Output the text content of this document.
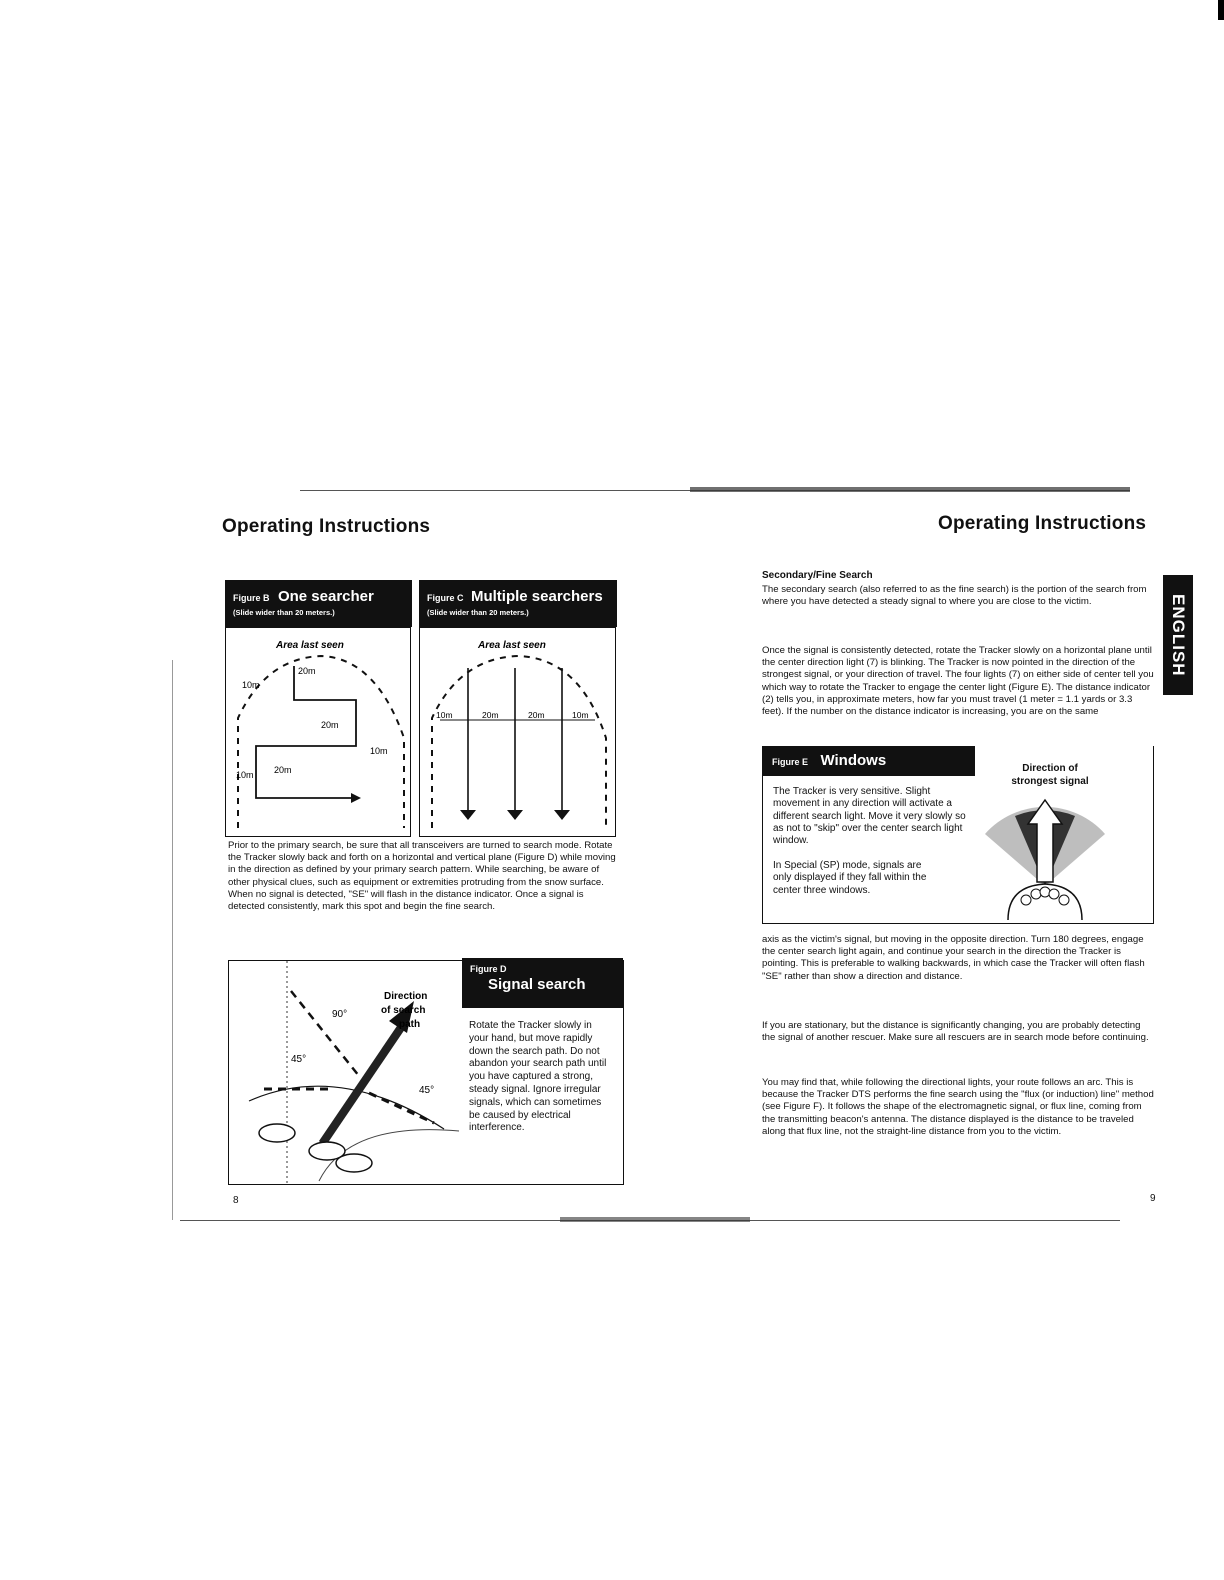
Operating Instructions	Operating Instructions
ENGLISH
Figure B One searcher
(Slide wider than 20 meters.)
Area last seen
20m
10m
20m
10m
10m 20m
Figure C Multiple searchers
(Slide wider than 20 meters.)
Area last seen
10m	20m	20m	10m
Prior to the primary search, be sure that all transceivers are turned to search mode. Rotate the Tracker slowly back and forth on a horizontal and vertical plane (Figure D) while moving in the direction as defined by your primary search pattern. While searching, be aware of other physical clues, such as equipment or extremities protruding from the snow surface. When no signal is detected, "SE" will flash in the distance indicator. Once a signal is detected consistently, mark this spot and begin the fine search.
90°
45°
45°
Direction
of search
path
Figure D
Signal search
Rotate the Tracker slowly in your hand, but move rapidly down the search path. Do not abandon your search path until you have captured a strong, steady signal. Ignore irregular signals, which can sometimes be caused by electrical interference.
Secondary/Fine Search
The secondary search (also referred to as the fine search) is the portion of the search from where you have detected a steady signal to where you are close to the victim.
Once the signal is consistently detected, rotate the Tracker slowly on a horizontal plane until the center direction light (7) is blinking. The Tracker is now pointed in the direction of the strongest signal, or your direction of travel. The four lights (7) on either side of center tell you which way to rotate the Tracker to engage the center light (Figure E). The distance indicator (2) tells you, in approximate meters, how far you must travel (1 meter = 1.1 yards or 3.3 feet). If the number on the distance indicator is increasing, you are on the same
Figure E Windows	Direction of
strongest signal
The Tracker is very sensitive. Slight movement in any direction will activate a different search light. Move it very slowly so as not to "skip" over the center search light window.
In Special (SP) mode, signals are only displayed if they fall within the center three windows.
axis as the victim's signal, but moving in the opposite direction. Turn 180 degrees, engage the center search light again, and continue your search in the direction the Tracker is pointing. This is preferable to walking backwards, in which case the Tracker will often flash "SE" rather than show a direction and distance.
If you are stationary, but the distance is significantly changing, you are probably detecting the signal of another rescuer. Make sure all rescuers are in search mode before continuing.
You may find that, while following the directional lights, your route follows an arc. This is because the Tracker DTS performs the fine search using the "flux (or induction) line" method (see Figure F). It follows the shape of the electromagnetic signal, or flux line, coming from the transmitting beacon's antenna. The distance displayed is the distance to be traveled along that flux line, not the straight-line distance from you to the victim.
8	9
